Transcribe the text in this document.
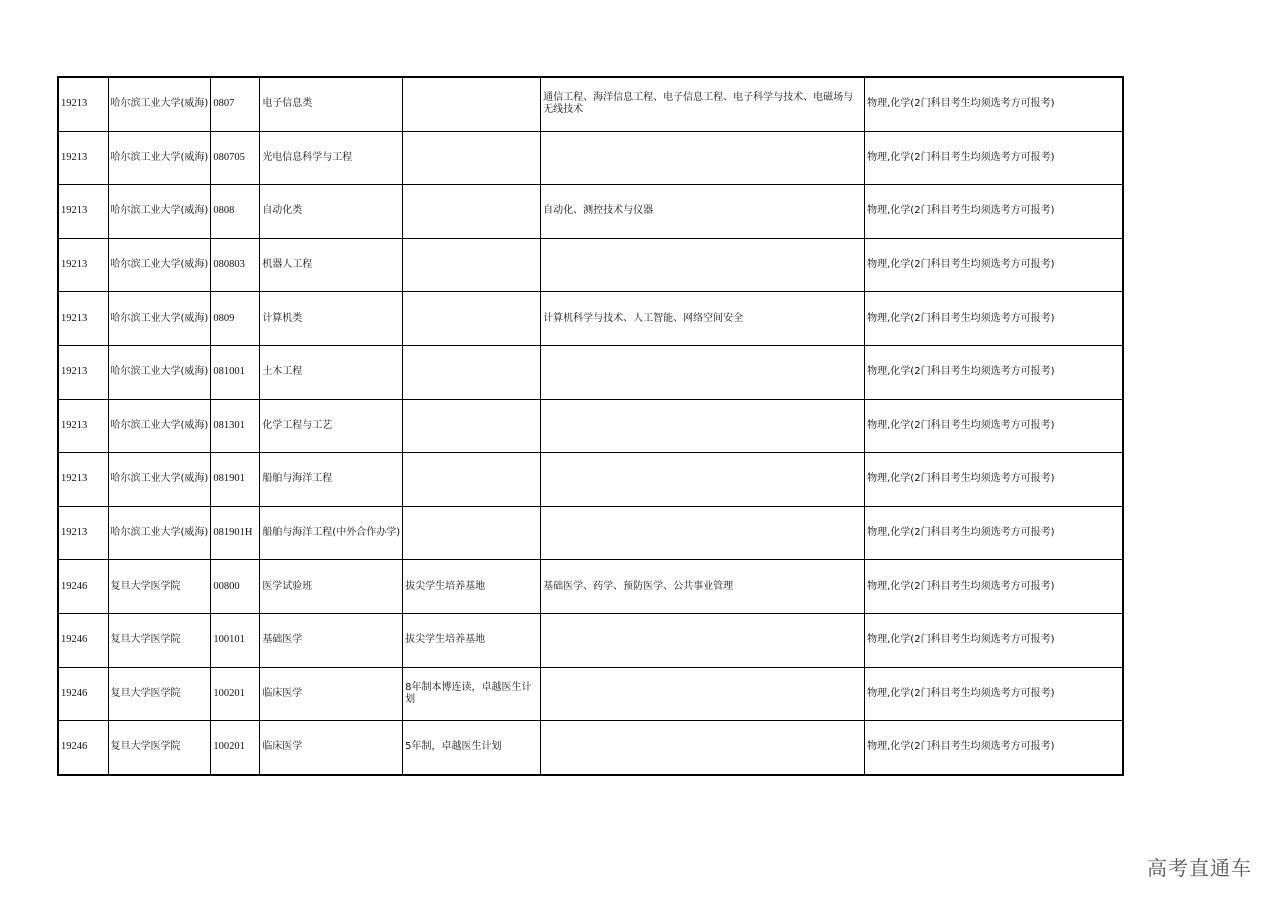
19213	哈尔滨工业大学(威海)	0807	电子信息类		通信工程、海洋信息工程、电子信息工程、电子科学与技术、电磁场与无线技术	物理,化学(2门科目考生均须选考方可报考)
19213	哈尔滨工业大学(威海)	080705	光电信息科学与工程			物理,化学(2门科目考生均须选考方可报考)
19213	哈尔滨工业大学(威海)	0808	自动化类		自动化、测控技术与仪器	物理,化学(2门科目考生均须选考方可报考)
19213	哈尔滨工业大学(威海)	080803	机器人工程			物理,化学(2门科目考生均须选考方可报考)
19213	哈尔滨工业大学(威海)	0809	计算机类		计算机科学与技术、人工智能、网络空间安全	物理,化学(2门科目考生均须选考方可报考)
19213	哈尔滨工业大学(威海)	081001	土木工程			物理,化学(2门科目考生均须选考方可报考)
19213	哈尔滨工业大学(威海)	081301	化学工程与工艺			物理,化学(2门科目考生均须选考方可报考)
19213	哈尔滨工业大学(威海)	081901	船舶与海洋工程			物理,化学(2门科目考生均须选考方可报考)
19213	哈尔滨工业大学(威海)	081901H	船舶与海洋工程(中外合作办学)			物理,化学(2门科目考生均须选考方可报考)
19246	复旦大学医学院	00800	医学试验班	拔尖学生培养基地	基础医学、药学、预防医学、公共事业管理	物理,化学(2门科目考生均须选考方可报考)
19246	复旦大学医学院	100101	基础医学	拔尖学生培养基地		物理,化学(2门科目考生均须选考方可报考)
19246	复旦大学医学院	100201	临床医学	8年制本博连读，卓越医生计划		物理,化学(2门科目考生均须选考方可报考)
19246	复旦大学医学院	100201	临床医学	5年制，卓越医生计划		物理,化学(2门科目考生均须选考方可报考)
高考直通车
